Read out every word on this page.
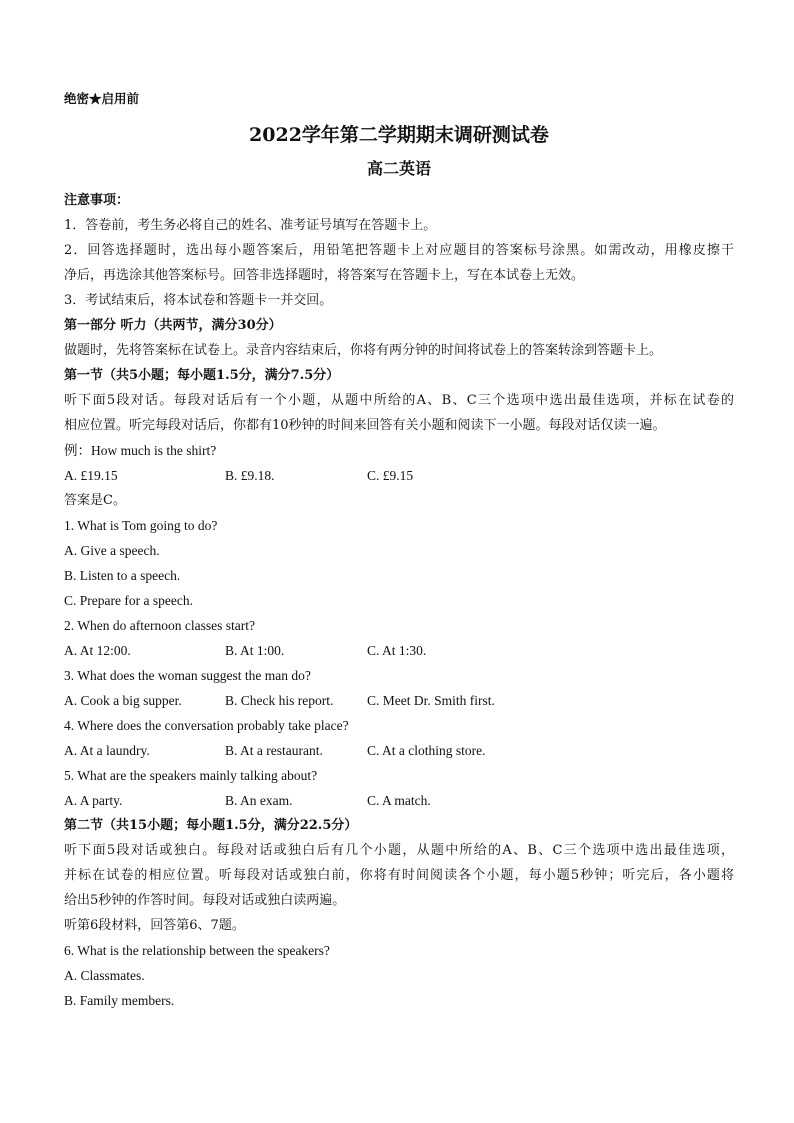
绝密★启用前
2022学年第二学期期末调研测试卷
高二英语
注意事项：
1．答卷前，考生务必将自己的姓名、准考证号填写在答题卡上。
2．回答选择题时，选出每小题答案后，用铅笔把答题卡上对应题目的答案标号涂黑。如需改动，用橡皮擦干
净后，再选涂其他答案标号。回答非选择题时，将答案写在答题卡上，写在本试卷上无效。
3．考试结束后，将本试卷和答题卡一并交回。
第一部分 听力（共两节，满分30分）
做题时，先将答案标在试卷上。录音内容结束后，你将有两分钟的时间将试卷上的答案转涂到答题卡上。
第一节（共5小题；每小题1.5分，满分7.5分）
听下面5段对话。每段对话后有一个小题，从题中所给的A、B、C三个选项中选出最佳选项，并标在试卷的
相应位置。听完每段对话后，你都有10秒钟的时间来回答有关小题和阅读下一小题。每段对话仅读一遍。
例：How much is the shirt?
A. £19.15	B. £9.18.	C. £9.15
答案是C。
1. What is Tom going to do?
A. Give a speech.
B. Listen to a speech.
C. Prepare for a speech.
2. When do afternoon classes start?
A. At 12:00.	B. At 1:00.	C. At 1:30.
3. What does the woman suggest the man do?
A. Cook a big supper.	B. Check his report. C. Meet Dr. Smith first.
4. Where does the conversation probably take place?
A. At a laundry.	B. At a restaurant.	C. At a clothing store.
5. What are the speakers mainly talking about?
A. A party.	B. An exam.	C. A match.
第二节（共15小题；每小题1.5分，满分22.5分）
听下面5段对话或独白。每段对话或独白后有几个小题，从题中所给的A、B、C三个选项中选出最佳选项，
并标在试卷的相应位置。听每段对话或独白前，你将有时间阅读各个小题，每小题5秒钟；听完后，各小题将
给出5秒钟的作答时间。每段对话或独白读两遍。
听第6段材料，回答第6、7题。
6. What is the relationship between the speakers?
A. Classmates.
B. Family members.
